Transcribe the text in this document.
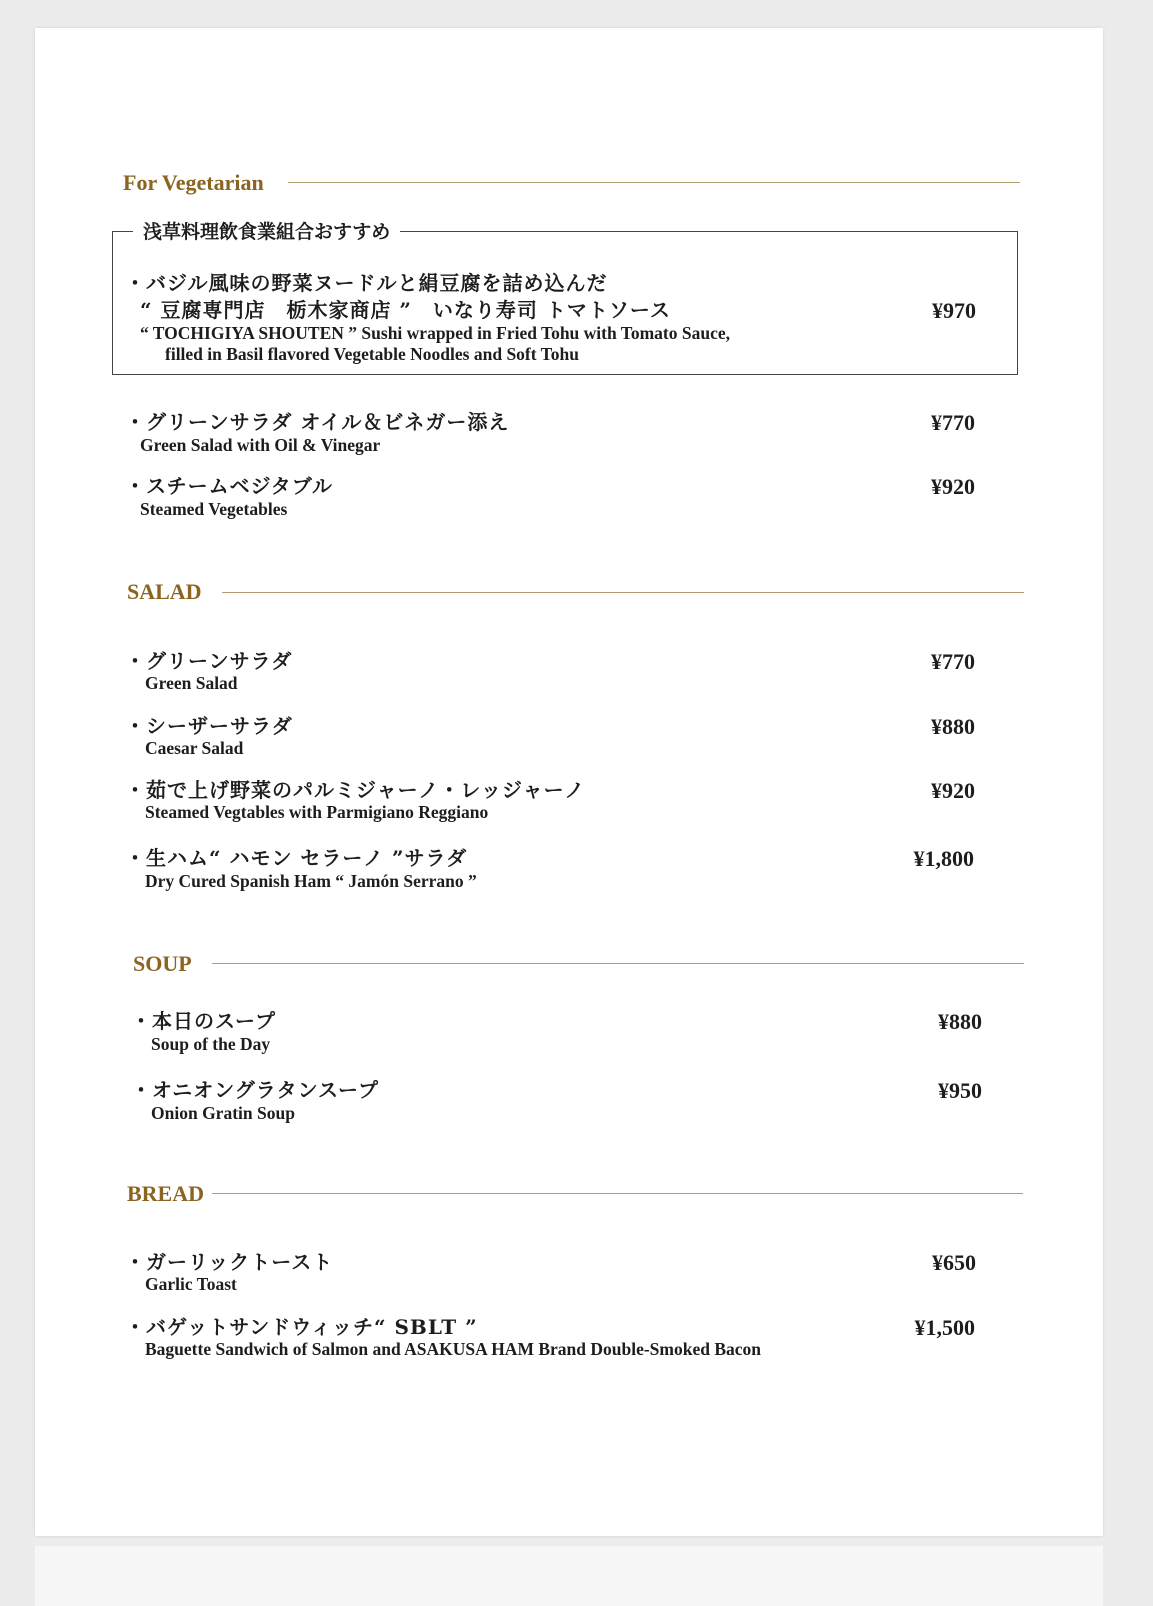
For Vegetarian
浅草料理飲食業組合おすすめ
・バジル風味の野菜ヌードルと絹豆腐を詰め込んだ
“ 豆腐専門店　栃木家商店 ”　いなり寿司 トマトソース
“ TOCHIGIYA SHOUTEN ” Sushi wrapped in Fried Tohu with Tomato Sauce,
filled in Basil flavored Vegetable Noodles and Soft Tohu
¥970
・グリーンサラダ オイル＆ビネガー添え
Green Salad with Oil & Vinegar
¥770
・スチームベジタブル
Steamed Vegetables
¥920
SALAD
・グリーンサラダ
Green Salad
¥770
・シーザーサラダ
Caesar Salad
¥880
・茹で上げ野菜のパルミジャーノ・レッジャーノ
Steamed Vegtables with Parmigiano Reggiano
¥920
・生ハム“ ハモン セラーノ ”サラダ
Dry Cured Spanish Ham “ Jamón Serrano ”
¥1,800
SOUP
・本日のスープ
Soup of the Day
¥880
・オニオングラタンスープ
Onion Gratin Soup
¥950
BREAD
・ガーリックトースト
Garlic Toast
¥650
・バゲットサンドウィッチ“ SBLT ”
Baguette Sandwich of Salmon and ASAKUSA HAM Brand Double-Smoked Bacon
¥1,500
